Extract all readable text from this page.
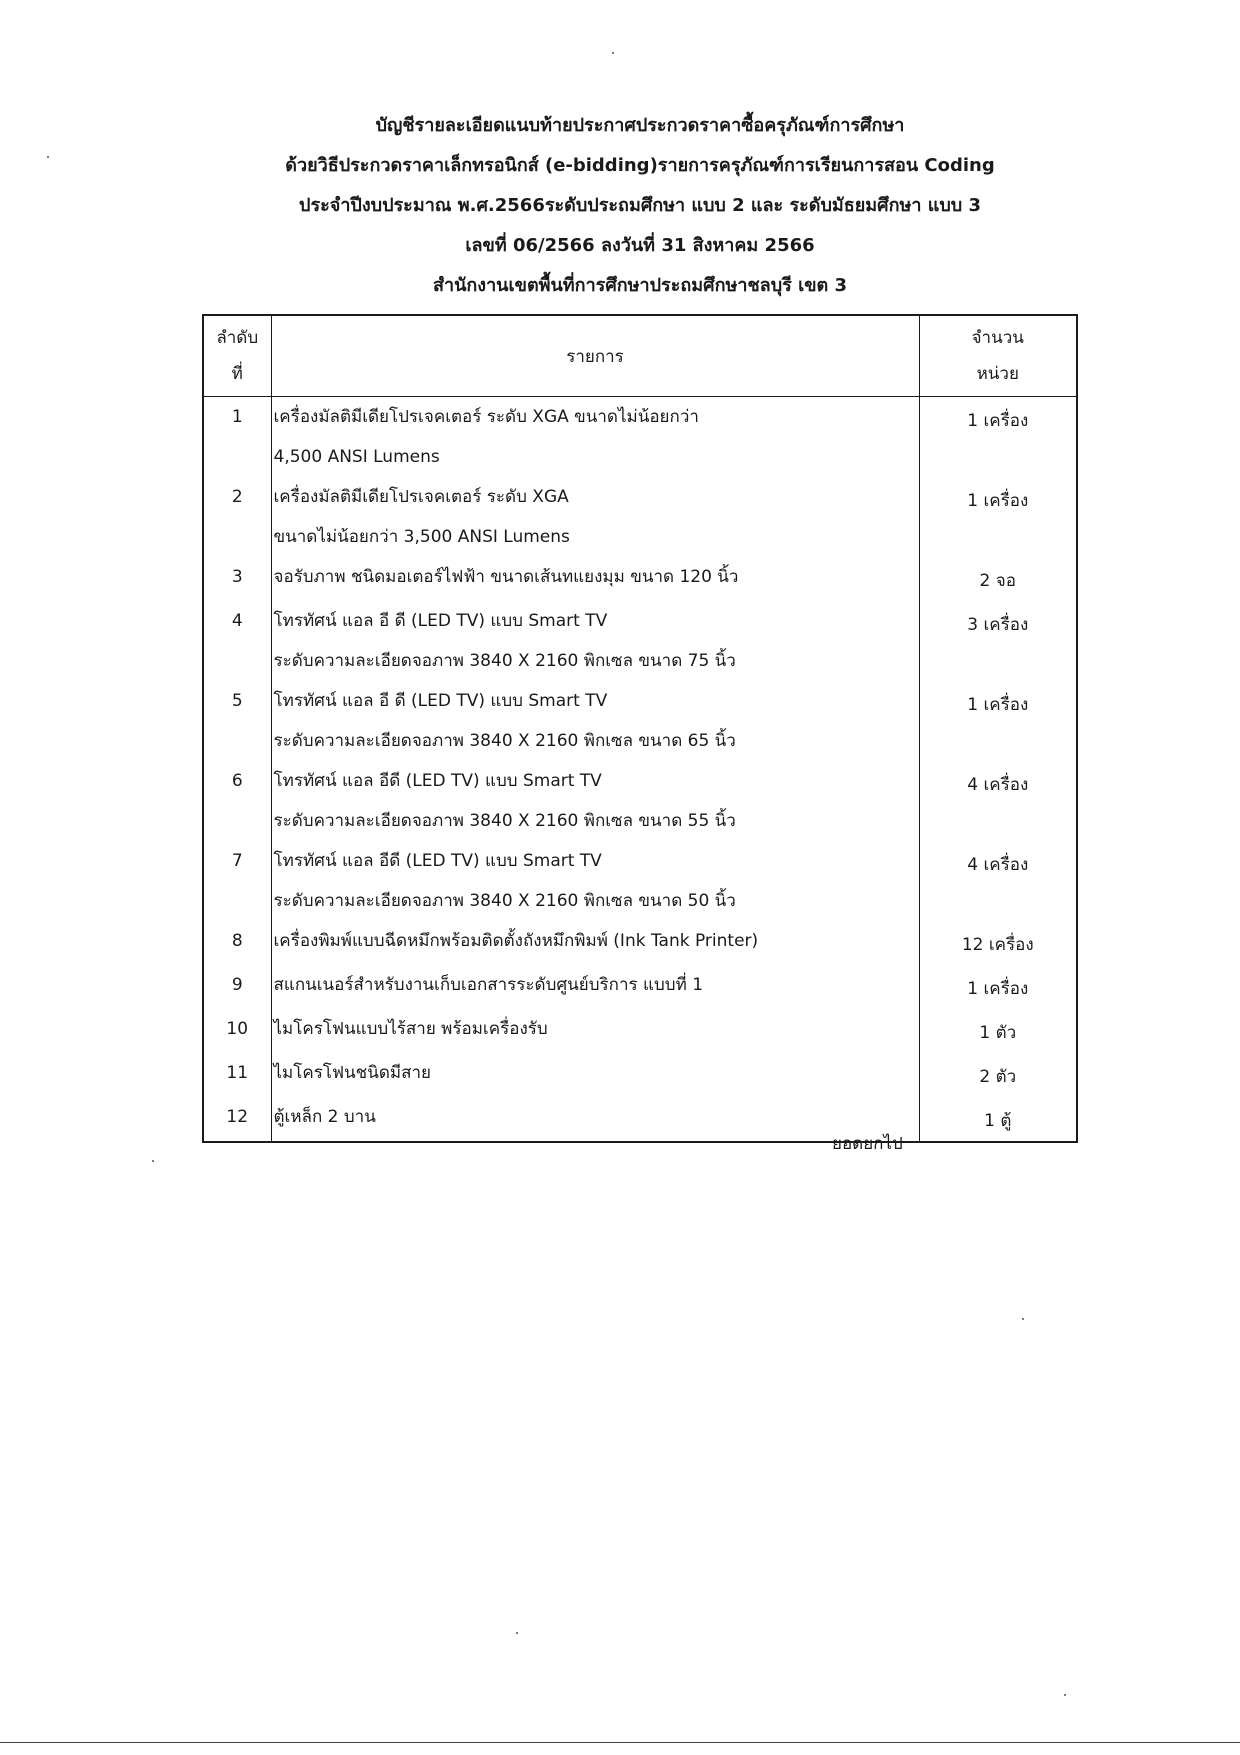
บัญชีรายละเอียดแนบท้ายประกาศประกวดราคาซื้อครุภัณฑ์การศึกษา
ด้วยวิธีประกวดราคาเล็กทรอนิกส์ (e-bidding)รายการครุภัณฑ์การเรียนการสอน Coding
ประจำปีงบประมาณ พ.ศ.2566ระดับประถมศึกษา แบบ 2 และ ระดับมัธยมศึกษา แบบ 3
เลขที่ 06/2566 ลงวันที่ 31 สิงหาคม 2566
สำนักงานเขตพื้นที่การศึกษาประถมศึกษาชลบุรี เขต 3
ลำดับ
ที่	รายการ	จำนวน
หน่วย

1	เครื่องมัลติมีเดียโปรเจคเตอร์ ระดับ XGA ขนาดไม่น้อยกว่า
4,500 ANSI Lumens	1 เครื่อง
2	เครื่องมัลติมีเดียโปรเจคเตอร์ ระดับ XGA
ขนาดไม่น้อยกว่า 3,500 ANSI Lumens	1 เครื่อง
3	จอรับภาพ ชนิดมอเตอร์ไฟฟ้า ขนาดเส้นทแยงมุม ขนาด 120 นิ้ว	2 จอ
4	โทรทัศน์ แอล อี ดี (LED TV) แบบ Smart TV
ระดับความละเอียดจอภาพ 3840 X 2160 พิกเซล ขนาด 75 นิ้ว	3 เครื่อง
5	โทรทัศน์ แอล อี ดี (LED TV) แบบ Smart TV
ระดับความละเอียดจอภาพ 3840 X 2160 พิกเซล ขนาด 65 นิ้ว	1 เครื่อง
6	โทรทัศน์ แอล อีดี (LED TV) แบบ Smart TV
ระดับความละเอียดจอภาพ 3840 X 2160 พิกเซล ขนาด 55 นิ้ว	4 เครื่อง
7	โทรทัศน์ แอล อีดี (LED TV) แบบ Smart TV
ระดับความละเอียดจอภาพ 3840 X 2160 พิกเซล ขนาด 50 นิ้ว	4 เครื่อง
8	เครื่องพิมพ์แบบฉีดหมึกพร้อมติดตั้งถังหมึกพิมพ์ (Ink Tank Printer)	12 เครื่อง
9	สแกนเนอร์สำหรับงานเก็บเอกสารระดับศูนย์บริการ แบบที่ 1	1 เครื่อง
10	ไมโครโฟนแบบไร้สาย พร้อมเครื่องรับ	1 ตัว
11	ไมโครโฟนชนิดมีสาย	2 ตัว
12	ตู้เหล็ก 2 บาน	1 ตู้
ยอดยกไป
